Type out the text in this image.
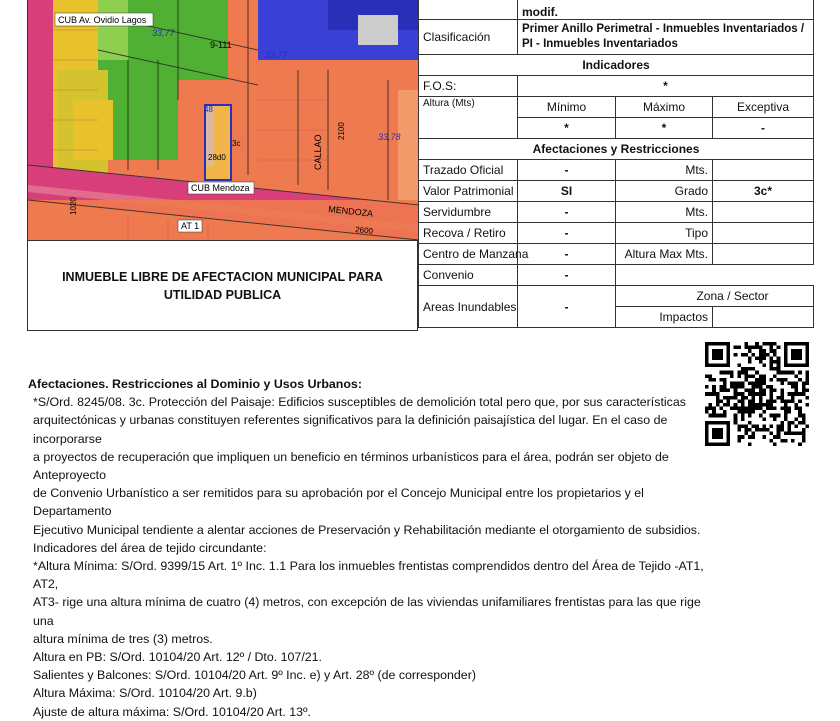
CUB Av. Ovidio Lagos
CUB Mendoza
AT 1
9-111
3c
28d0
48
33,77
33,77
33,78
CALLAO
2100
MENDOZA
2600
1020
INMUEBLE LIBRE DE AFECTACION MUNICIPAL PARA UTILIDAD PUBLICA
	modif.		
Clasificación	Primer Anillo Perimetral - Inmuebles Inventariados / PI - Inmuebles Inventariados		
Indicadores			
F.O.S:	*		
Altura (Mts)	Mínimo	Máximo	Exceptiva
	*	*	-
Afectaciones y Restricciones			
Trazado Oficial	-	Mts.	
Valor Patrimonial	SI	Grado	3c*
Servidumbre	-	Mts.	
Recova / Retiro	-	Tipo	
Centro de Manzana	-	Altura Max Mts.	
Convenio	-		
Areas Inundables	-	Zona / Sector	
		Impactos	

Afectaciones. Restricciones al Dominio y Usos Urbanos:

*S/Ord. 8245/08. 3c. Protección del Paisaje: Edificios susceptibles de demolición total pero que, por sus características

arquitectónicas y urbanas constituyen referentes significativos para la definición paisajística del lugar. En el caso de incorporarse

a proyectos de recuperación que impliquen un beneficio en términos urbanísticos para el área, podrán ser objeto de Anteproyecto

de Convenio Urbanístico a ser remitidos para su aprobación por el Concejo Municipal entre los propietarios y el Departamento

Ejecutivo Municipal tendiente a alentar acciones de Preservación y Rehabilitación mediante el otorgamiento de subsidios.

Indicadores del área de tejido circundante:

*Altura Mínima: S/Ord. 9399/15 Art. 1º Inc. 1.1 Para los inmuebles frentistas comprendidos dentro del Área de Tejido -AT1, AT2,

AT3- rige una altura mínima de cuatro (4) metros, con excepción de las viviendas unifamiliares frentistas para las que rige una

altura mínima de tres (3) metros.

Altura en PB: S/Ord. 10104/20 Art. 12º / Dto. 107/21.

Salientes y Balcones: S/Ord. 10104/20 Art. 9º Inc. e) y Art. 28º (de corresponder)

Altura Máxima: S/Ord. 10104/20 Art. 9.b)

Ajuste de altura máxima: S/Ord. 10104/20 Art. 13º.
